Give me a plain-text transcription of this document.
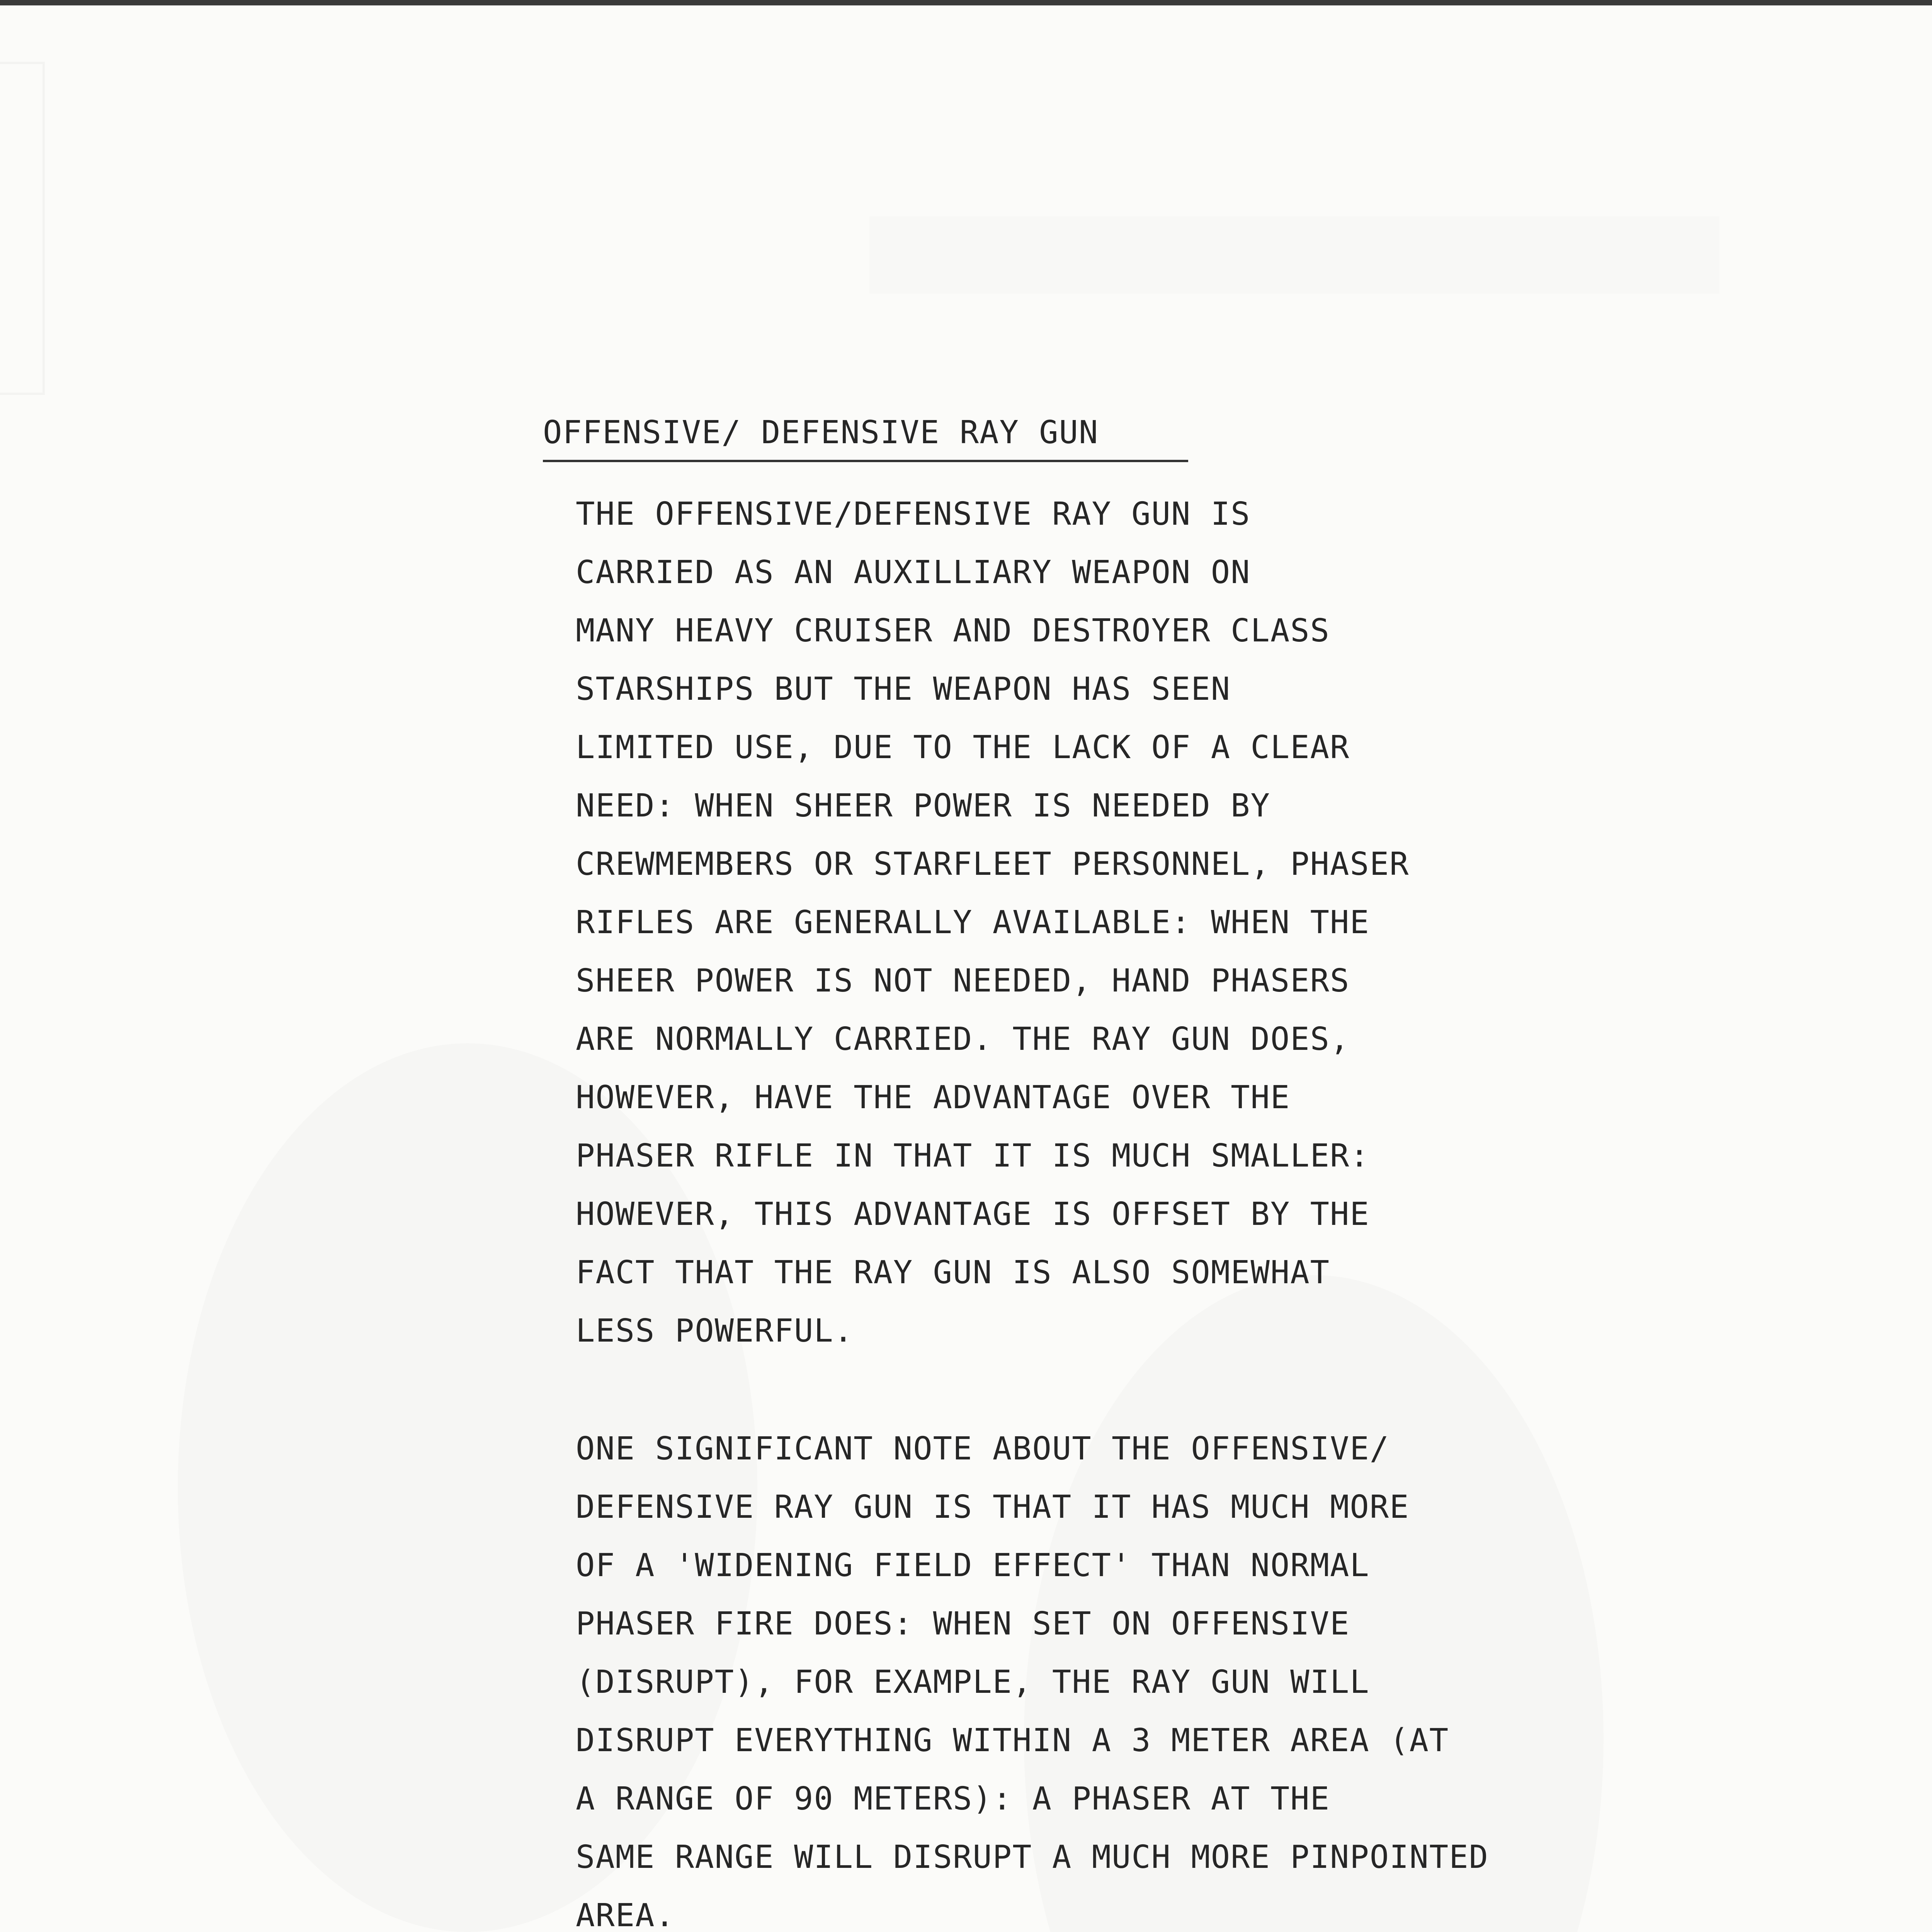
OFFENSIVE/ DEFENSIVE RAY GUN
THE OFFENSIVE/DEFENSIVE RAY GUN IS
CARRIED AS AN AUXILLIARY WEAPON ON
MANY HEAVY CRUISER AND DESTROYER CLASS
STARSHIPS BUT THE WEAPON HAS SEEN
LIMITED USE, DUE TO THE LACK OF A CLEAR
NEED: WHEN SHEER POWER IS NEEDED BY
CREWMEMBERS OR STARFLEET PERSONNEL, PHASER
RIFLES ARE GENERALLY AVAILABLE: WHEN THE
SHEER POWER IS NOT NEEDED, HAND PHASERS
ARE NORMALLY CARRIED. THE RAY GUN DOES,
HOWEVER, HAVE THE ADVANTAGE OVER THE
PHASER RIFLE IN THAT IT IS MUCH SMALLER:
HOWEVER, THIS ADVANTAGE IS OFFSET BY THE
FACT THAT THE RAY GUN IS ALSO SOMEWHAT
LESS POWERFUL.
ONE SIGNIFICANT NOTE ABOUT THE OFFENSIVE/
DEFENSIVE RAY GUN IS THAT IT HAS MUCH MORE
OF A 'WIDENING FIELD EFFECT' THAN NORMAL
PHASER FIRE DOES: WHEN SET ON OFFENSIVE
(DISRUPT), FOR EXAMPLE, THE RAY GUN WILL
DISRUPT EVERYTHING WITHIN A 3 METER AREA (AT
A RANGE OF 90 METERS): A PHASER AT THE
SAME RANGE WILL DISRUPT A MUCH MORE PINPOINTED
AREA.
